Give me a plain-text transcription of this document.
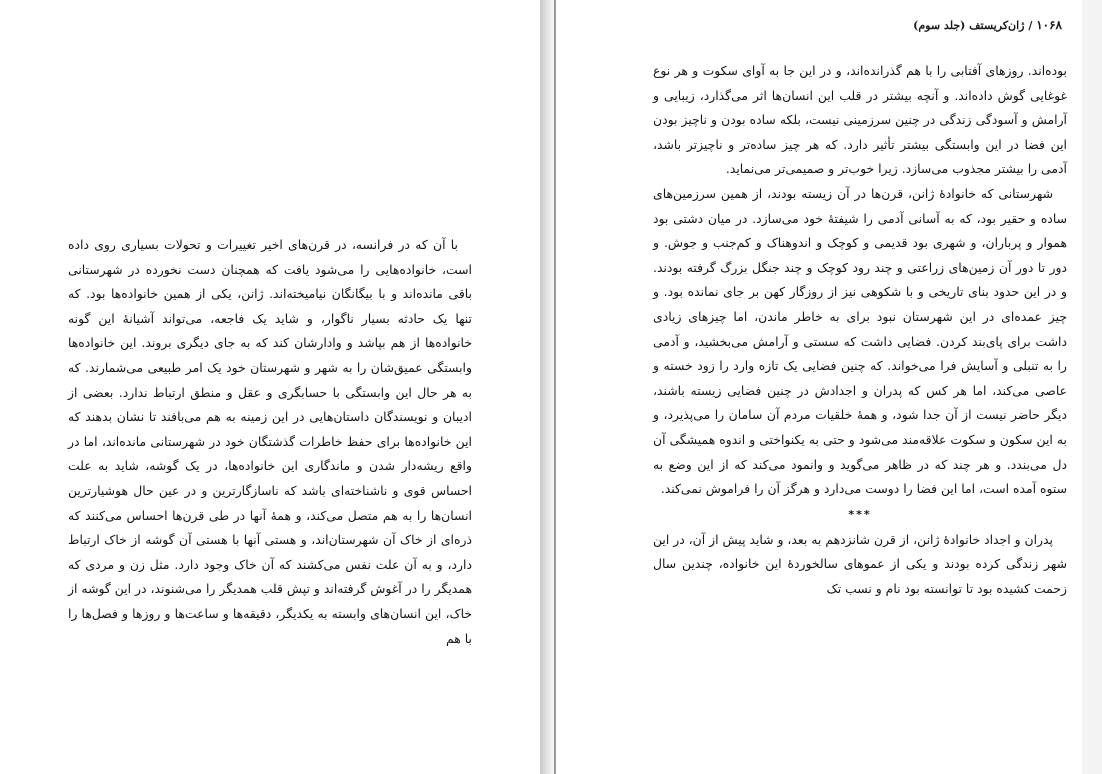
با آن که در فرانسه، در قرن‌های اخیر تغییرات و تحولات بسیاری روی داده است، خانواده‌هایی را می‌شود یافت که همچنان دست نخورده در شهرستانی باقی مانده‌اند و با بیگانگان نیامیخته‌اند. ژانن، یکی از همین خانواده‌ها بود. که تنها یک حادثه بسیار ناگوار، و شاید یک فاجعه، می‌تواند آشیانهٔ این گونه خانواده‌ها از هم بپاشد و وادارشان کند که به جای دیگری بروند. این خانواده‌ها وابستگی عمیق‌شان را به شهر و شهرستان خود یک امر طبیعی می‌شمارند. که به هر حال این وابستگی با حسابگری و عقل و منطق ارتباط ندارد. بعضی از ادیبان و نویسندگان داستان‌هایی در این زمینه به هم می‌بافند تا نشان بدهند که این خانواده‌ها برای حفظ خاطرات گذشتگان خود در شهرستانی مانده‌اند، اما در واقع ریشه‌دار شدن و ماندگاری این خانواده‌ها، در یک گوشه، شاید به علت احساس قوی و ناشناخته‌ای باشد که ناسازگارترین و در عین حال هوشیارترین انسان‌ها را به هم متصل می‌کند، و همهٔ آنها در طی قرن‌ها احساس می‌کنند که ذره‌ای از خاک آن شهرستان‌اند، و هستی آنها با هستی آن گوشه از خاک ارتباط دارد، و به آن علت نفس می‌کشند که آن خاک وجود دارد. مثل زن و مردی که همدیگر را در آغوش گرفته‌اند و تپش قلب همدیگر را می‌شنوند، در این گوشه از خاک، این انسان‌های وابسته به یکدیگر، دقیقه‌ها و ساعت‌ها و روزها و فصل‌ها را با هم

۱۰۶۸ / ژان‌کریستف (جلد سوم)

بوده‌اند. روزهای آفتابی را با هم گذرانده‌اند، و در این جا به آوای سکوت و هر نوع غوغایی گوش داده‌اند. و آنچه بیشتر در قلب این انسان‌ها اثر می‌گذارد، زیبایی و آرامش و آسودگی زندگی در چنین سرزمینی نیست، بلکه ساده بودن و ناچیز بودن این فضا در این وابستگی بیشتر تأثیر دارد. که هر چیز ساده‌تر و ناچیزتر باشد، آدمی را بیشتر مجذوب می‌سازد. زیرا خوب‌تر و صمیمی‌تر می‌نماید.

شهرستانی که خانوادهٔ ژانن، قرن‌ها در آن زیسته بودند، از همین سرزمین‌های ساده و حقیر بود، که به آسانی آدمی را شیفتهٔ خود می‌سازد. در میان دشتی بود هموار و پرباران، و شهری بود قدیمی و کوچک و اندوهناک و کم‌جنب و جوش. و دور تا دور آن زمین‌های زراعتی و چند رود کوچک و چند جنگل بزرگ گرفته بودند. و در این حدود بنای تاریخی و با شکوهی نیز از روزگار کهن بر جای نمانده بود. و چیز عمده‌ای در این شهرستان نبود برای به خاطر ماندن، اما چیزهای زیادی داشت برای پای‌بند کردن. فضایی داشت که سستی و آرامش می‌بخشید، و آدمی را به تنبلی و آسایش فرا می‌خواند. که چنین فضایی یک تازه وارد را زود خسته و عاصی می‌کند، اما هر کس که پدران و اجدادش در چنین فضایی زیسته باشند، دیگر حاضر نیست از آن جدا شود، و همهٔ خلقیات مردم آن سامان را می‌پذیرد، و به این سکون و سکوت علاقه‌مند می‌شود و حتی به یکنواختی و اندوه همیشگی آن دل می‌بندد. و هر چند که در ظاهر می‌گوید و وانمود می‌کند که از این وضع به ستوه آمده است، اما این فضا را دوست می‌دارد و هرگز آن را فراموش نمی‌کند.

***

پدران و اجداد خانوادهٔ ژانن، از قرن شانزدهم به بعد، و شاید پیش از آن، در این شهر زندگی کرده بودند و یکی از عموهای سالخوردهٔ این خانواده، چندین سال زحمت کشیده بود تا توانسته بود نام و نسب تک
